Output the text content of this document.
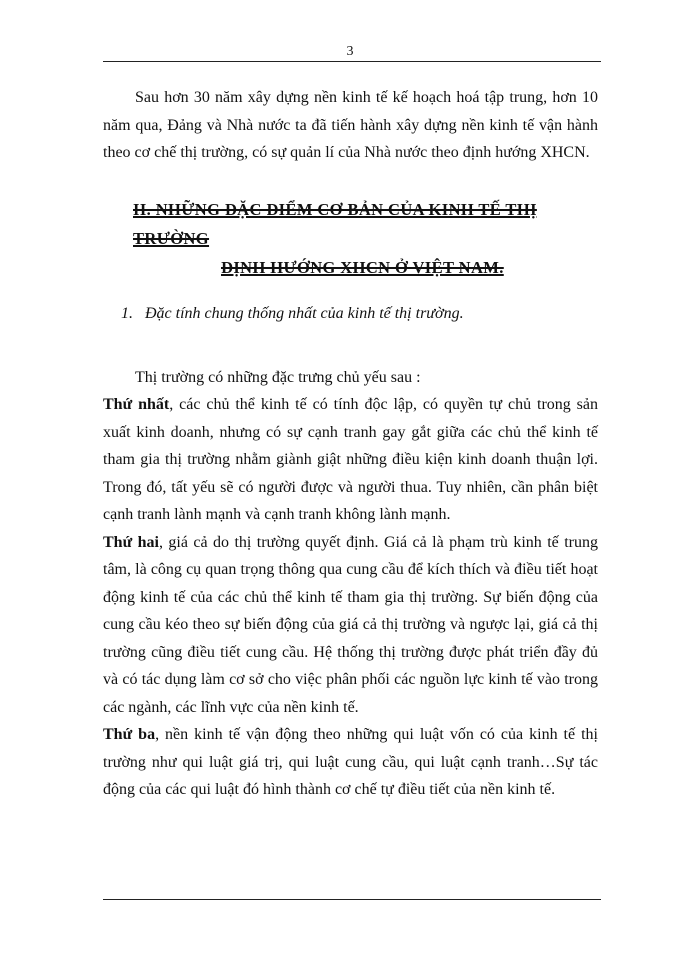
3

Sau hơn 30 năm xây dựng nền kinh tế kế hoạch hoá tập trung, hơn 10 năm qua, Đảng và Nhà nước ta đã tiến hành xây dựng nền kinh tế vận hành theo cơ chế thị trường, có sự quản lí của Nhà nước theo định hướng XHCN.

II. NHỮNG ĐẶC ĐIỂM CƠ BẢN CỦA KINH TẾ THỊ TRƯỜNG
ĐỊNH HƯỚNG XHCN Ở VIỆT NAM.

1. Đặc tính chung thống nhất của kinh tế thị trường.

Thị trường có những đặc trưng chủ yếu sau :

Thứ nhất, các chủ thể kinh tế có tính độc lập, có quyền tự chủ trong sản xuất kinh doanh, nhưng có sự cạnh tranh gay gắt giữa các chủ thể kinh tế tham gia thị trường nhằm giành giật những điều kiện kinh doanh thuận lợi. Trong đó, tất yếu sẽ có người được và người thua. Tuy nhiên, cần phân biệt cạnh tranh lành mạnh và cạnh tranh không lành mạnh.

Thứ hai, giá cả do thị trường quyết định. Giá cả là phạm trù kinh tế trung tâm, là công cụ quan trọng thông qua cung cầu để kích thích và điều tiết hoạt động kinh tế của các chủ thể kinh tế tham gia thị trường. Sự biến động của cung cầu kéo theo sự biến động của giá cả thị trường và ngược lại, giá cả thị trường cũng điều tiết cung cầu. Hệ thống thị trường được phát triển đầy đủ và có tác dụng làm cơ sở cho việc phân phối các nguồn lực kinh tế vào trong các ngành, các lĩnh vực của nền kinh tế.

Thứ ba, nền kinh tế vận động theo những qui luật vốn có của kinh tế thị trường như qui luật giá trị, qui luật cung cầu, qui luật cạnh tranh…Sự tác động của các qui luật đó hình thành cơ chế tự điều tiết của nền kinh tế.
